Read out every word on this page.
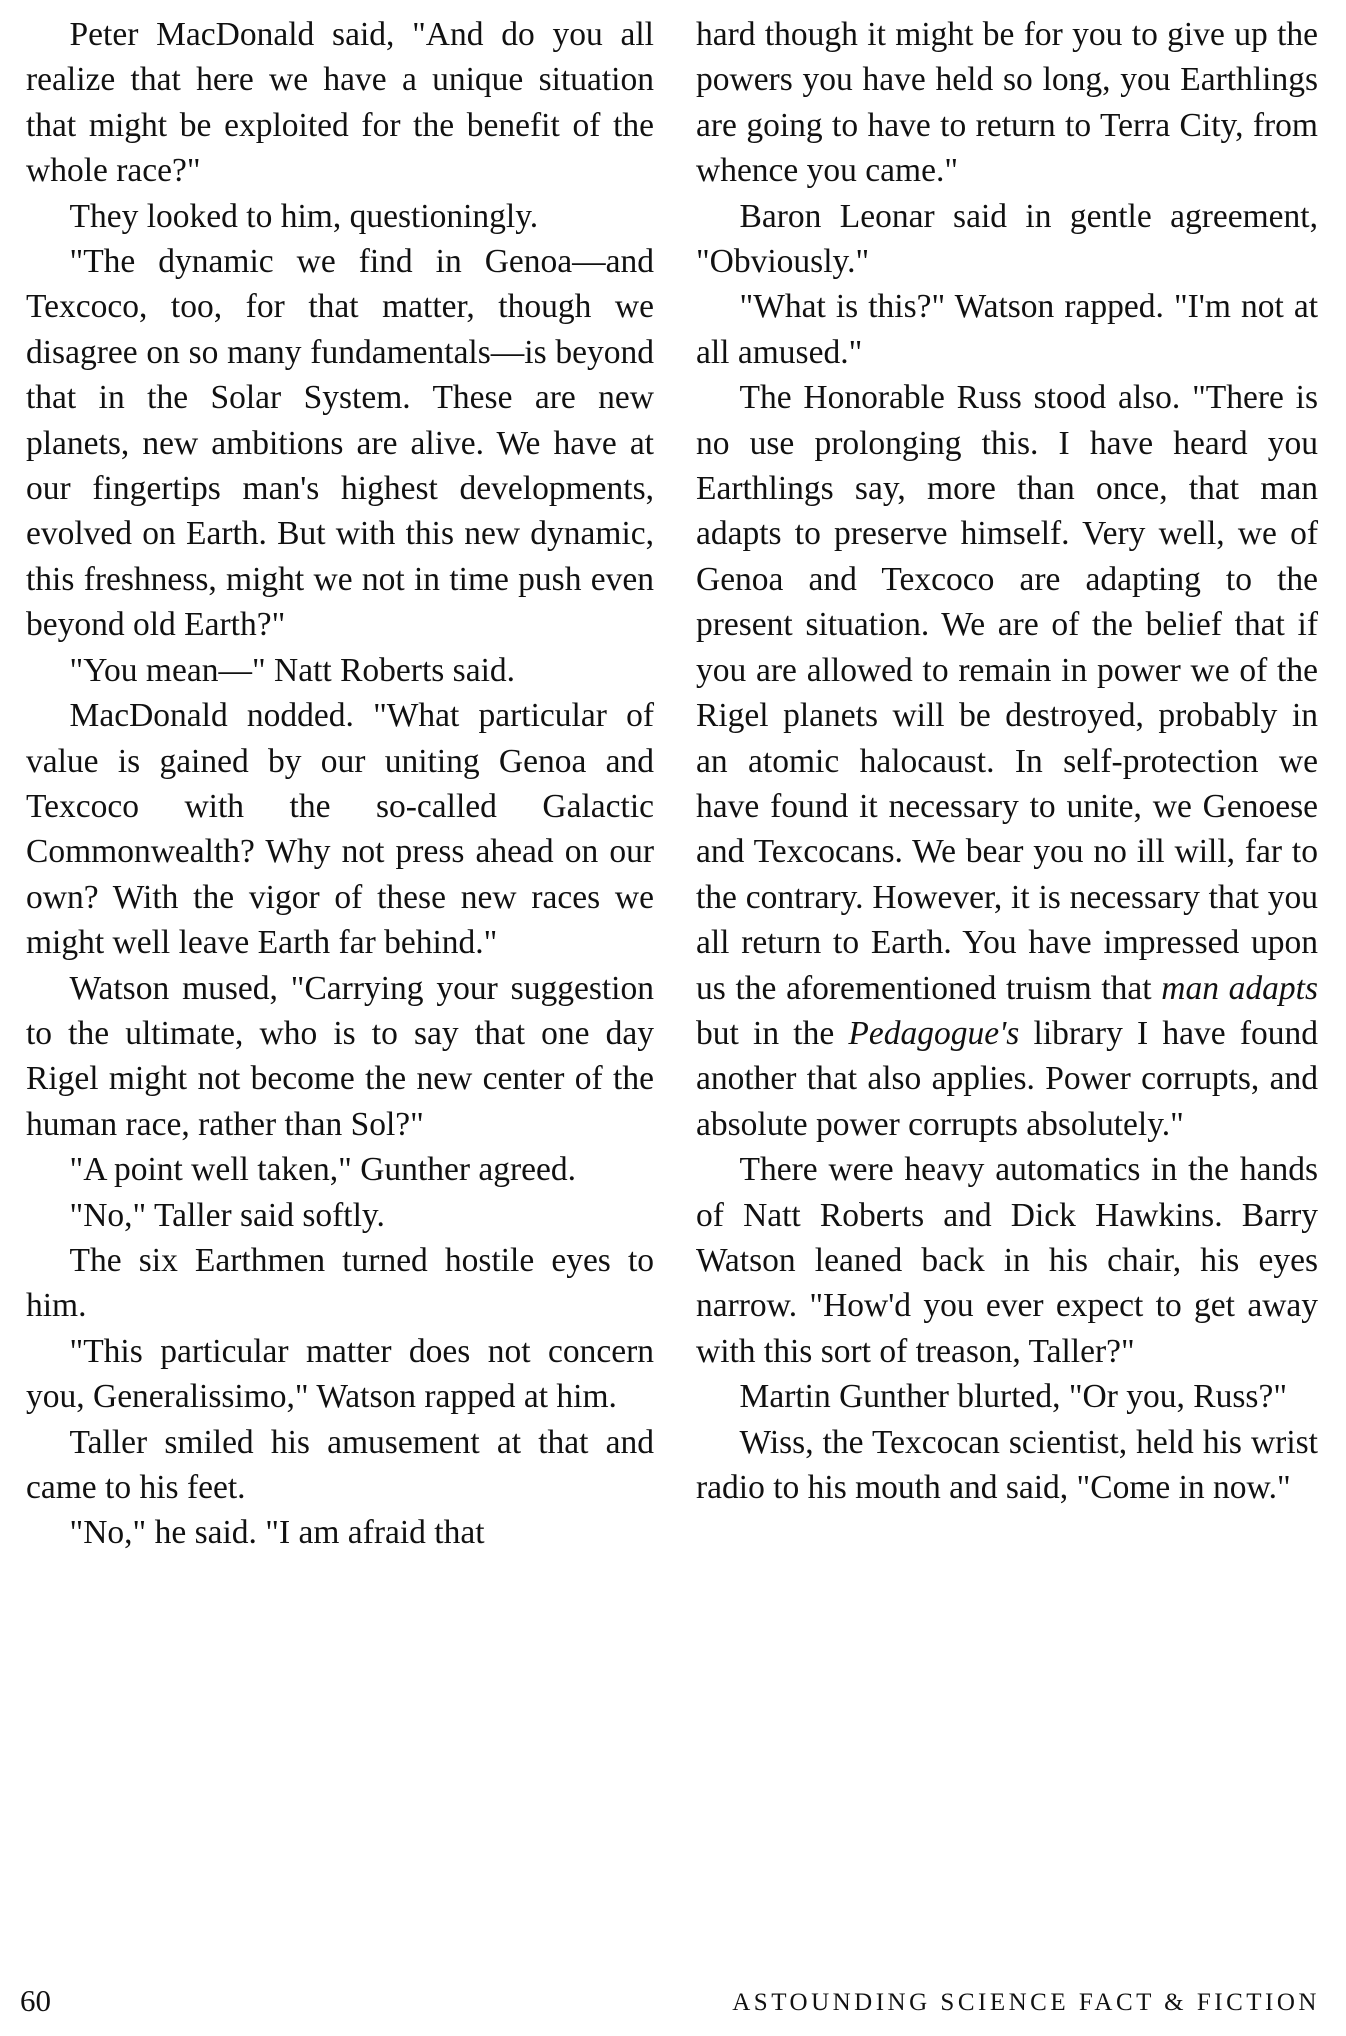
Peter MacDonald said, "And do you all realize that here we have a unique situation that might be exploited for the benefit of the whole race?"

They looked to him, questioningly.

"The dynamic we find in Genoa—and Texcoco, too, for that matter, though we disagree on so many fundamentals—is beyond that in the Solar System. These are new planets, new ambitions are alive. We have at our fingertips man's highest developments, evolved on Earth. But with this new dynamic, this freshness, might we not in time push even beyond old Earth?"

"You mean—" Natt Roberts said.

MacDonald nodded. "What particular of value is gained by our uniting Genoa and Texcoco with the so-called Galactic Commonwealth? Why not press ahead on our own? With the vigor of these new races we might well leave Earth far behind."

Watson mused, "Carrying your suggestion to the ultimate, who is to say that one day Rigel might not become the new center of the human race, rather than Sol?"

"A point well taken," Gunther agreed.

"No," Taller said softly.

The six Earthmen turned hostile eyes to him.

"This particular matter does not concern you, Generalissimo," Watson rapped at him.

Taller smiled his amusement at that and came to his feet.

"No," he said. "I am afraid that

hard though it might be for you to give up the powers you have held so long, you Earthlings are going to have to return to Terra City, from whence you came."

Baron Leonar said in gentle agreement, "Obviously."

"What is this?" Watson rapped. "I'm not at all amused."

The Honorable Russ stood also. "There is no use prolonging this. I have heard you Earthlings say, more than once, that man adapts to preserve himself. Very well, we of Genoa and Texcoco are adapting to the present situation. We are of the belief that if you are allowed to remain in power we of the Rigel planets will be destroyed, probably in an atomic halocaust. In self-protection we have found it necessary to unite, we Genoese and Texcocans. We bear you no ill will, far to the contrary. However, it is necessary that you all return to Earth. You have impressed upon us the aforementioned truism that man adapts but in the Pedagogue's library I have found another that also applies. Power corrupts, and absolute power corrupts absolutely."

There were heavy automatics in the hands of Natt Roberts and Dick Hawkins. Barry Watson leaned back in his chair, his eyes narrow. "How'd you ever expect to get away with this sort of treason, Taller?"

Martin Gunther blurted, "Or you, Russ?"

Wiss, the Texcocan scientist, held his wrist radio to his mouth and said, "Come in now."

60	ASTOUNDING SCIENCE FACT & FICTION
